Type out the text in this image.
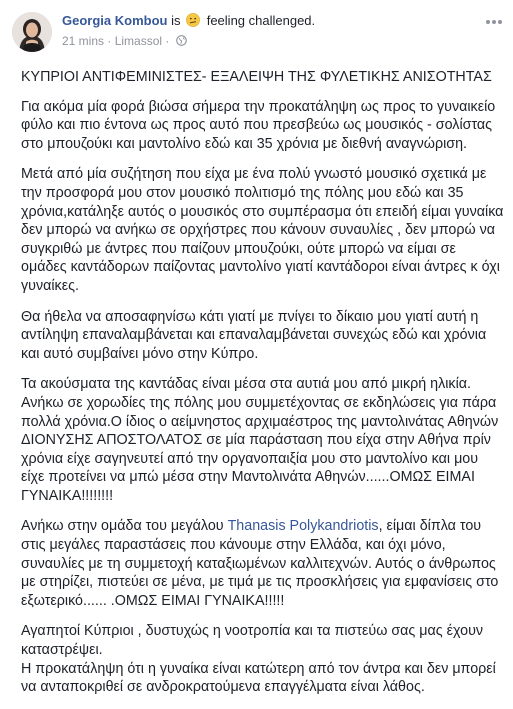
Georgia Kombou is feeling challenged.
21 mins · Limassol ·

ΚΥΠΡΙΟΙ ΑΝΤΙΦΕΜΙΝΙΣΤΕΣ- ΕΞΑΛΕΙΨΗ ΤΗΣ ΦΥΛΕΤΙΚΗΣ ΑΝΙΣΟΤΗΤΑΣ

Για ακόμα μία φορά βιώσα σήμερα την προκατάληψη ως προς το γυναικείο φύλο και πιο έντονα ως προς αυτό που πρεσβεύω ως μουσικός - σολίστας στο μπουζούκι και μαντολίνο εδώ και 35 χρόνια με διεθνή αναγνώριση.

Μετά από μία συζήτηση που είχα με ένα πολύ γνωστό μουσικό σχετικά με την προσφορά μου στον μουσικό πολιτισμό της πόλης μου εδώ και 35 χρόνια,κατάληξε αυτός ο μουσικός στο συμπέρασμα ότι επειδή είμαι γυναίκα δεν μπορώ να ανήκω σε ορχήστρες που κάνουν συναυλίες , δεν μπορώ να συγκριθώ με άντρες που παίζουν μπουζούκι, ούτε μπορώ να είμαι σε ομάδες καντάδορων παίζοντας μαντολίνο γιατί καντάδοροι είναι άντρες κ όχι γυναίκες.

Θα ήθελα να αποσαφηνίσω κάτι γιατί με πνίγει το δίκαιο μου γιατί αυτή η αντίληψη επαναλαμβάνεται και επαναλαμβάνεται συνεχώς εδώ και χρόνια και αυτό συμβαίνει μόνο στην Κύπρο.

Τα ακούσματα της καντάδας είναι μέσα στα αυτιά μου από μικρή ηλικία. Ανήκω σε χορωδίες της πόλης μου συμμετέχοντας σε εκδηλώσεις για πάρα πολλά χρόνια.Ο ίδιος ο αείμνηστος αρχιμαέστρος της μαντολινάτας Αθηνών ΔΙΟΝΥΣΗΣ ΑΠΟΣΤΟΛΑΤΟΣ σε μία παράσταση που είχα στην Αθήνα πρίν χρόνια είχε σαγηνευτεί από την οργανοπαιξία μου στο μαντολίνο και μου είχε προτείνει να μπώ μέσα στην Μαντολινάτα Αθηνών......ΟΜΩΣ ΕΙΜΑΙ ΓΥΝΑΙΚΑ!!!!!!!!

Ανήκω στην ομάδα του μεγάλου Thanasis Polykandriotis, είμαι δίπλα του στις μεγάλες παραστάσεις που κάνουμε στην Ελλάδα, και όχι μόνο, συναυλίες με τη συμμετοχή καταξιωμένων καλλιτεχνών. Αυτός ο άνθρωπος με στηρίζει, πιστεύει σε μένα, με τιμά με τις προσκλήσεις για εμφανίσεις στο εξωτερικό...... .ΟΜΩΣ ΕΙΜΑΙ ΓΥΝΑΙΚΑ!!!!!

Αγαπητοί Κύπριοι , δυστυχώς η νοοτροπία και τα πιστεύω σας μας έχουν καταστρέψει.
Η προκατάληψη ότι η γυναίκα είναι κατώτερη από τον άντρα και δεν μπορεί να ανταποκριθεί σε ανδροκρατούμενα επαγγέλματα είναι λάθος.
